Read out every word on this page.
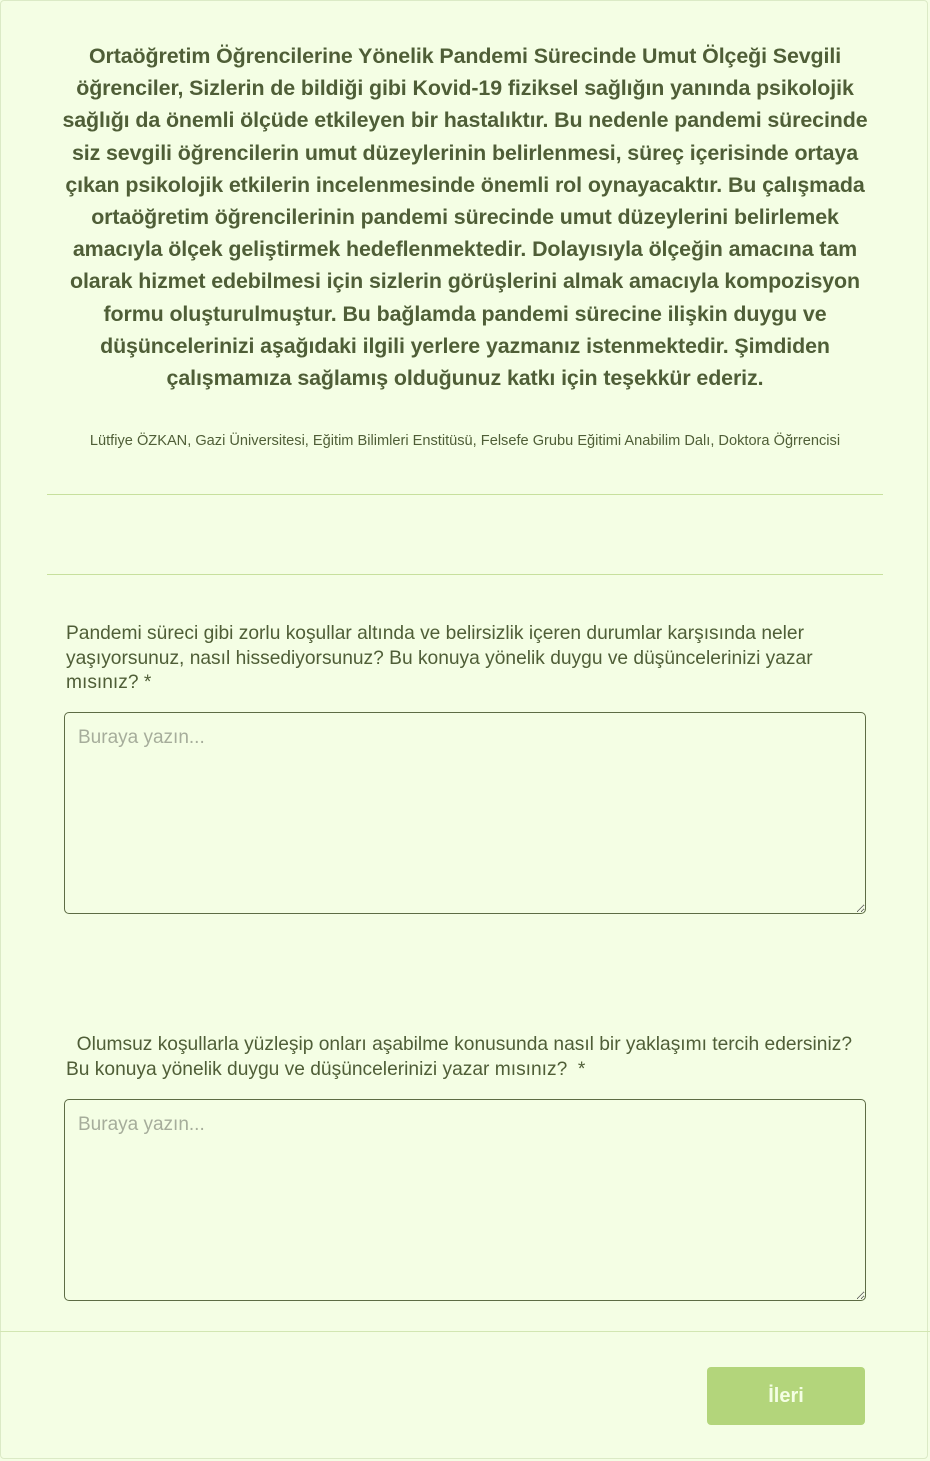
Ortaöğretim Öğrencilerine Yönelik Pandemi Sürecinde Umut Ölçeği Sevgili öğrenciler, Sizlerin de bildiği gibi Kovid-19 fiziksel sağlığın yanında psikolojik sağlığı da önemli ölçüde etkileyen bir hastalıktır. Bu nedenle pandemi sürecinde siz sevgili öğrencilerin umut düzeylerinin belirlenmesi, süreç içerisinde ortaya çıkan psikolojik etkilerin incelenmesinde önemli rol oynayacaktır. Bu çalışmada ortaöğretim öğrencilerinin pandemi sürecinde umut düzeylerini belirlemek amacıyla ölçek geliştirmek hedeflenmektedir. Dolayısıyla ölçeğin amacına tam olarak hizmet edebilmesi için sizlerin görüşlerini almak amacıyla kompozisyon formu oluşturulmuştur. Bu bağlamda pandemi sürecine ilişkin duygu ve düşüncelerinizi aşağıdaki ilgili yerlere yazmanız istenmektedir. Şimdiden çalışmamıza sağlamış olduğunuz katkı için teşekkür ederiz.
Lütfiye ÖZKAN, Gazi Üniversitesi, Eğitim Bilimleri Enstitüsü, Felsefe Grubu Eğitimi Anabilim Dalı, Doktora Öğrrencisi
Pandemi süreci gibi zorlu koşullar altında ve belirsizlik içeren durumlar karşısında neler yaşıyorsunuz, nasıl hissediyorsunuz? Bu konuya yönelik duygu ve düşüncelerinizi yazar mısınız? *
Buraya yazın...
Olumsuz koşullarla yüzleşip onları aşabilme konusunda nasıl bir yaklaşımı tercih edersiniz? Bu konuya yönelik duygu ve düşüncelerinizi yazar mısınız?  *
Buraya yazın...
İleri
